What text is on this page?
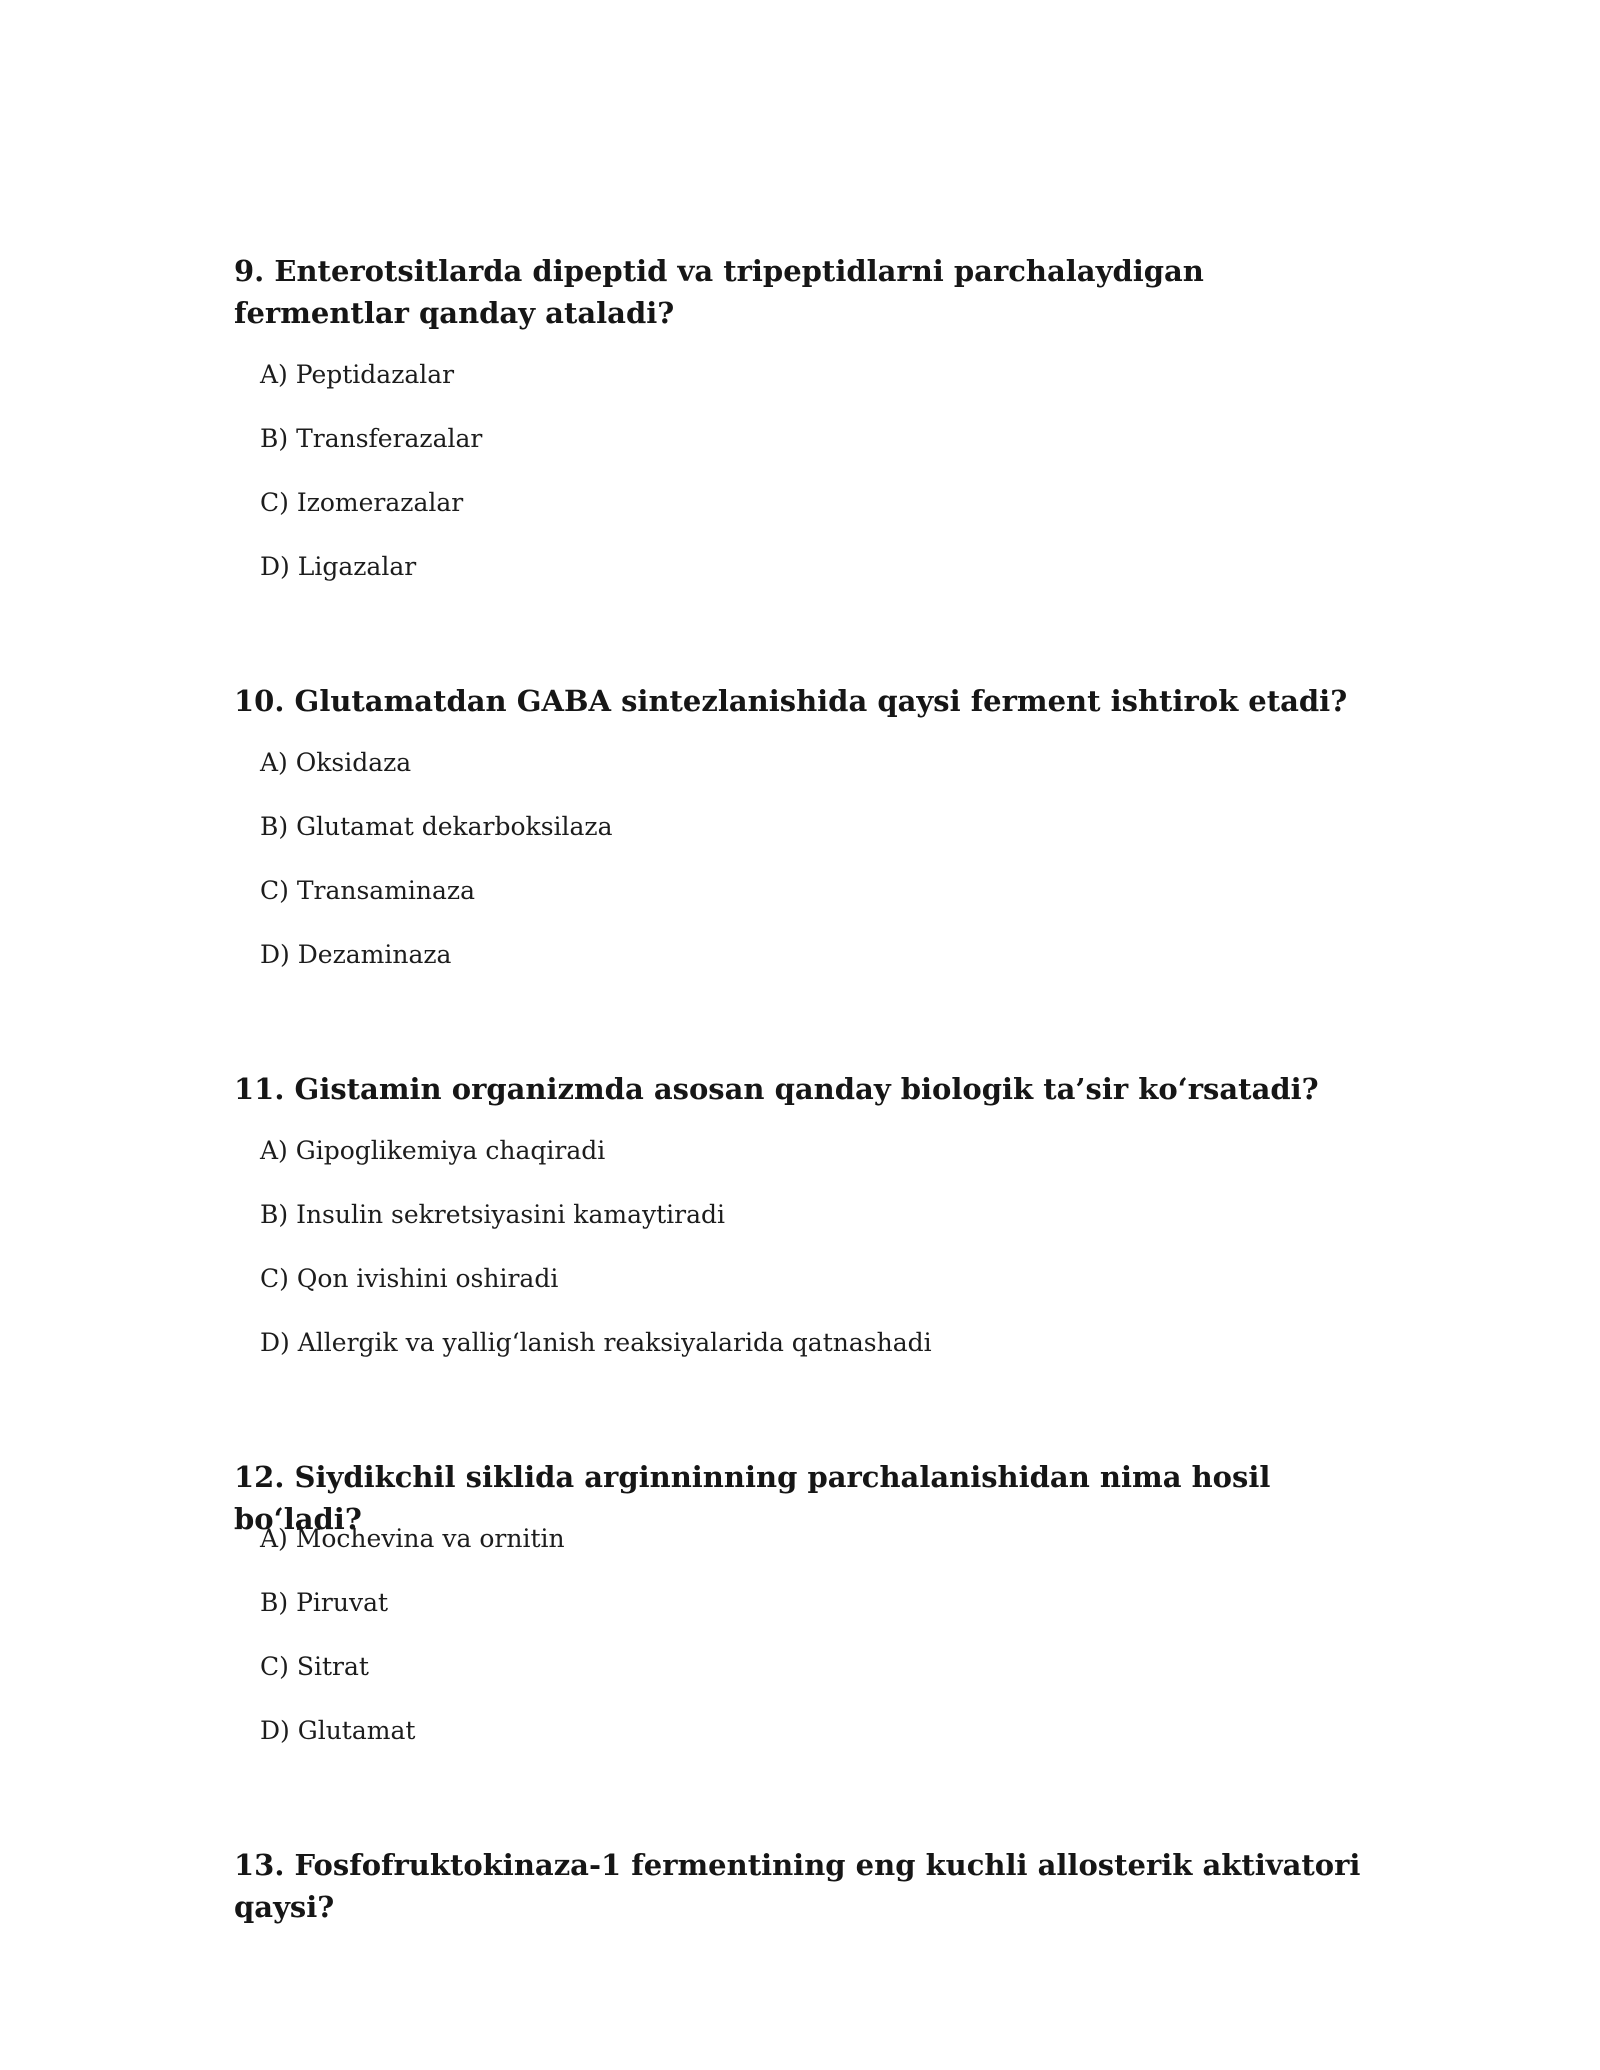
9. Enterotsitlarda dipeptid va tripeptidlarni parchalaydigan fermentlar qanday ataladi?

A) Peptidazalar
B) Transferazalar
C) Izomerazalar
D) Ligazalar

10. Glutamatdan GABA sintezlanishida qaysi ferment ishtirok etadi?

A) Oksidaza
B) Glutamat dekarboksilaza
C) Transaminaza
D) Dezaminaza

11. Gistamin organizmda asosan qanday biologik ta’sir ko‘rsatadi?

A) Gipoglikemiya chaqiradi
B) Insulin sekretsiyasini kamaytiradi
C) Qon ivishini oshiradi
D) Allergik va yallig‘lanish reaksiyalarida qatnashadi

12. Siydikchil siklida arginninning parchalanishidan nima hosil bo‘ladi?

A) Mochevina va ornitin
B) Piruvat
C) Sitrat
D) Glutamat

13. Fosfofruktokinaza-1 fermentining eng kuchli allosterik aktivatori qaysi?
